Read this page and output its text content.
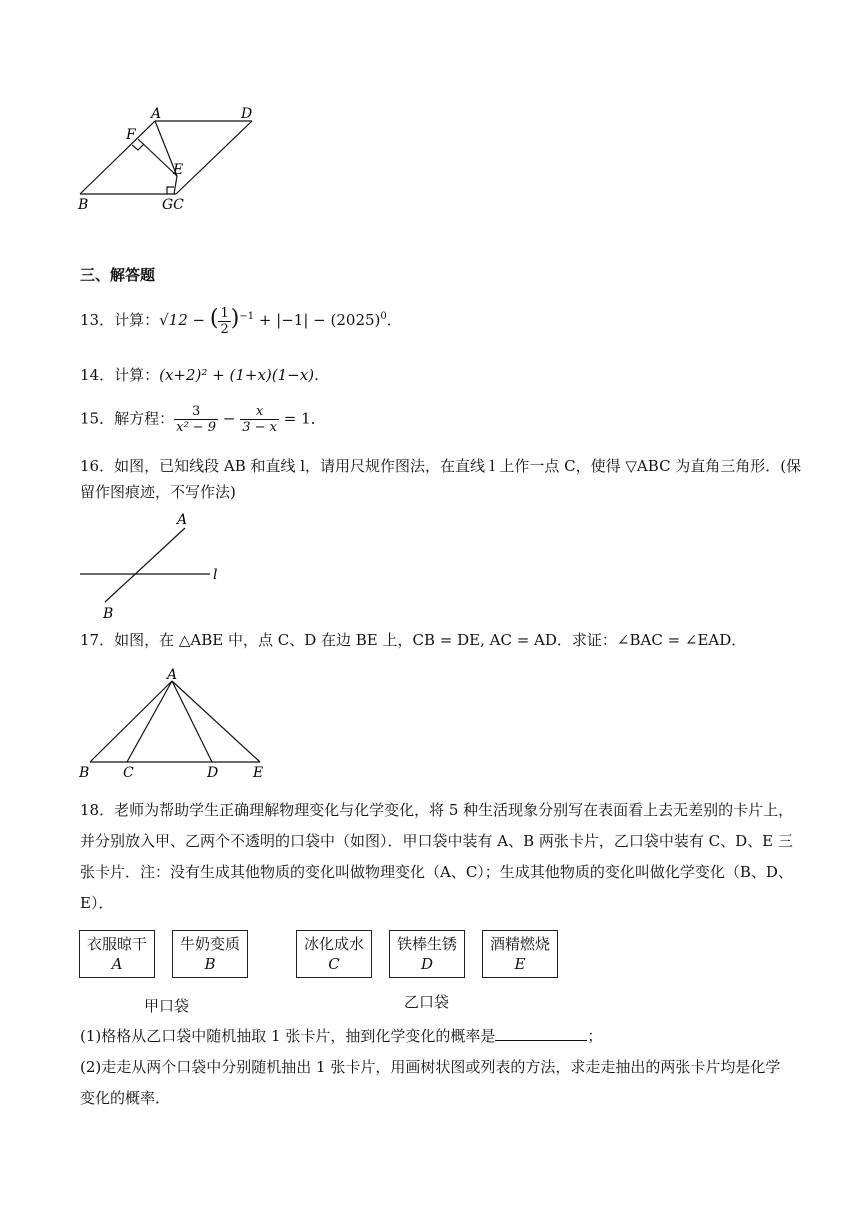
A	D
F
E
B	GC
三、解答题
13．计算：√12 − ( $\frac{1}{2} )^{-1} + |-1| - (2025)^0$．
14．计算：(x+2)² + (1+x)(1−x)．
15．解方程： $\frac{3}{\text{x² − 9}} - \frac{x}{3 - x} = 1$．
16．如图，已知线段 AB 和直线 l，请用尺规作图法，在直线 l 上作一点 C，使得 ▽ABC 为直角三角形．(保
留作图痕迹，不写作法)
A
l
B
17．如图，在 △ABE 中，点 C、D 在边 BE 上，CB = DE, AC = AD．求证：∠BAC = ∠EAD．
A
B C	D E
18．老师为帮助学生正确理解物理变化与化学变化，将 5 种生活现象分别写在表面看上去无差别的卡片上，
并分别放入甲、乙两个不透明的口袋中（如图）．甲口袋中装有 A、B 两张卡片，乙口袋中装有 C、D、E 三
张卡片．注：没有生成其他物质的变化叫做物理变化（A、C）；生成其他物质的变化叫做化学变化（B、D、
E）．
衣服晾干
A
牛奶变质
B
冰化成水
C
铁棒生锈
D
酒精燃烧
E
甲口袋	乙口袋
(1)格格从乙口袋中随机抽取 1 张卡片，抽到化学变化的概率是	；
(2)走走从两个口袋中分别随机抽出 1 张卡片，用画树状图或列表的方法，求走走抽出的两张卡片均是化学
变化的概率．
